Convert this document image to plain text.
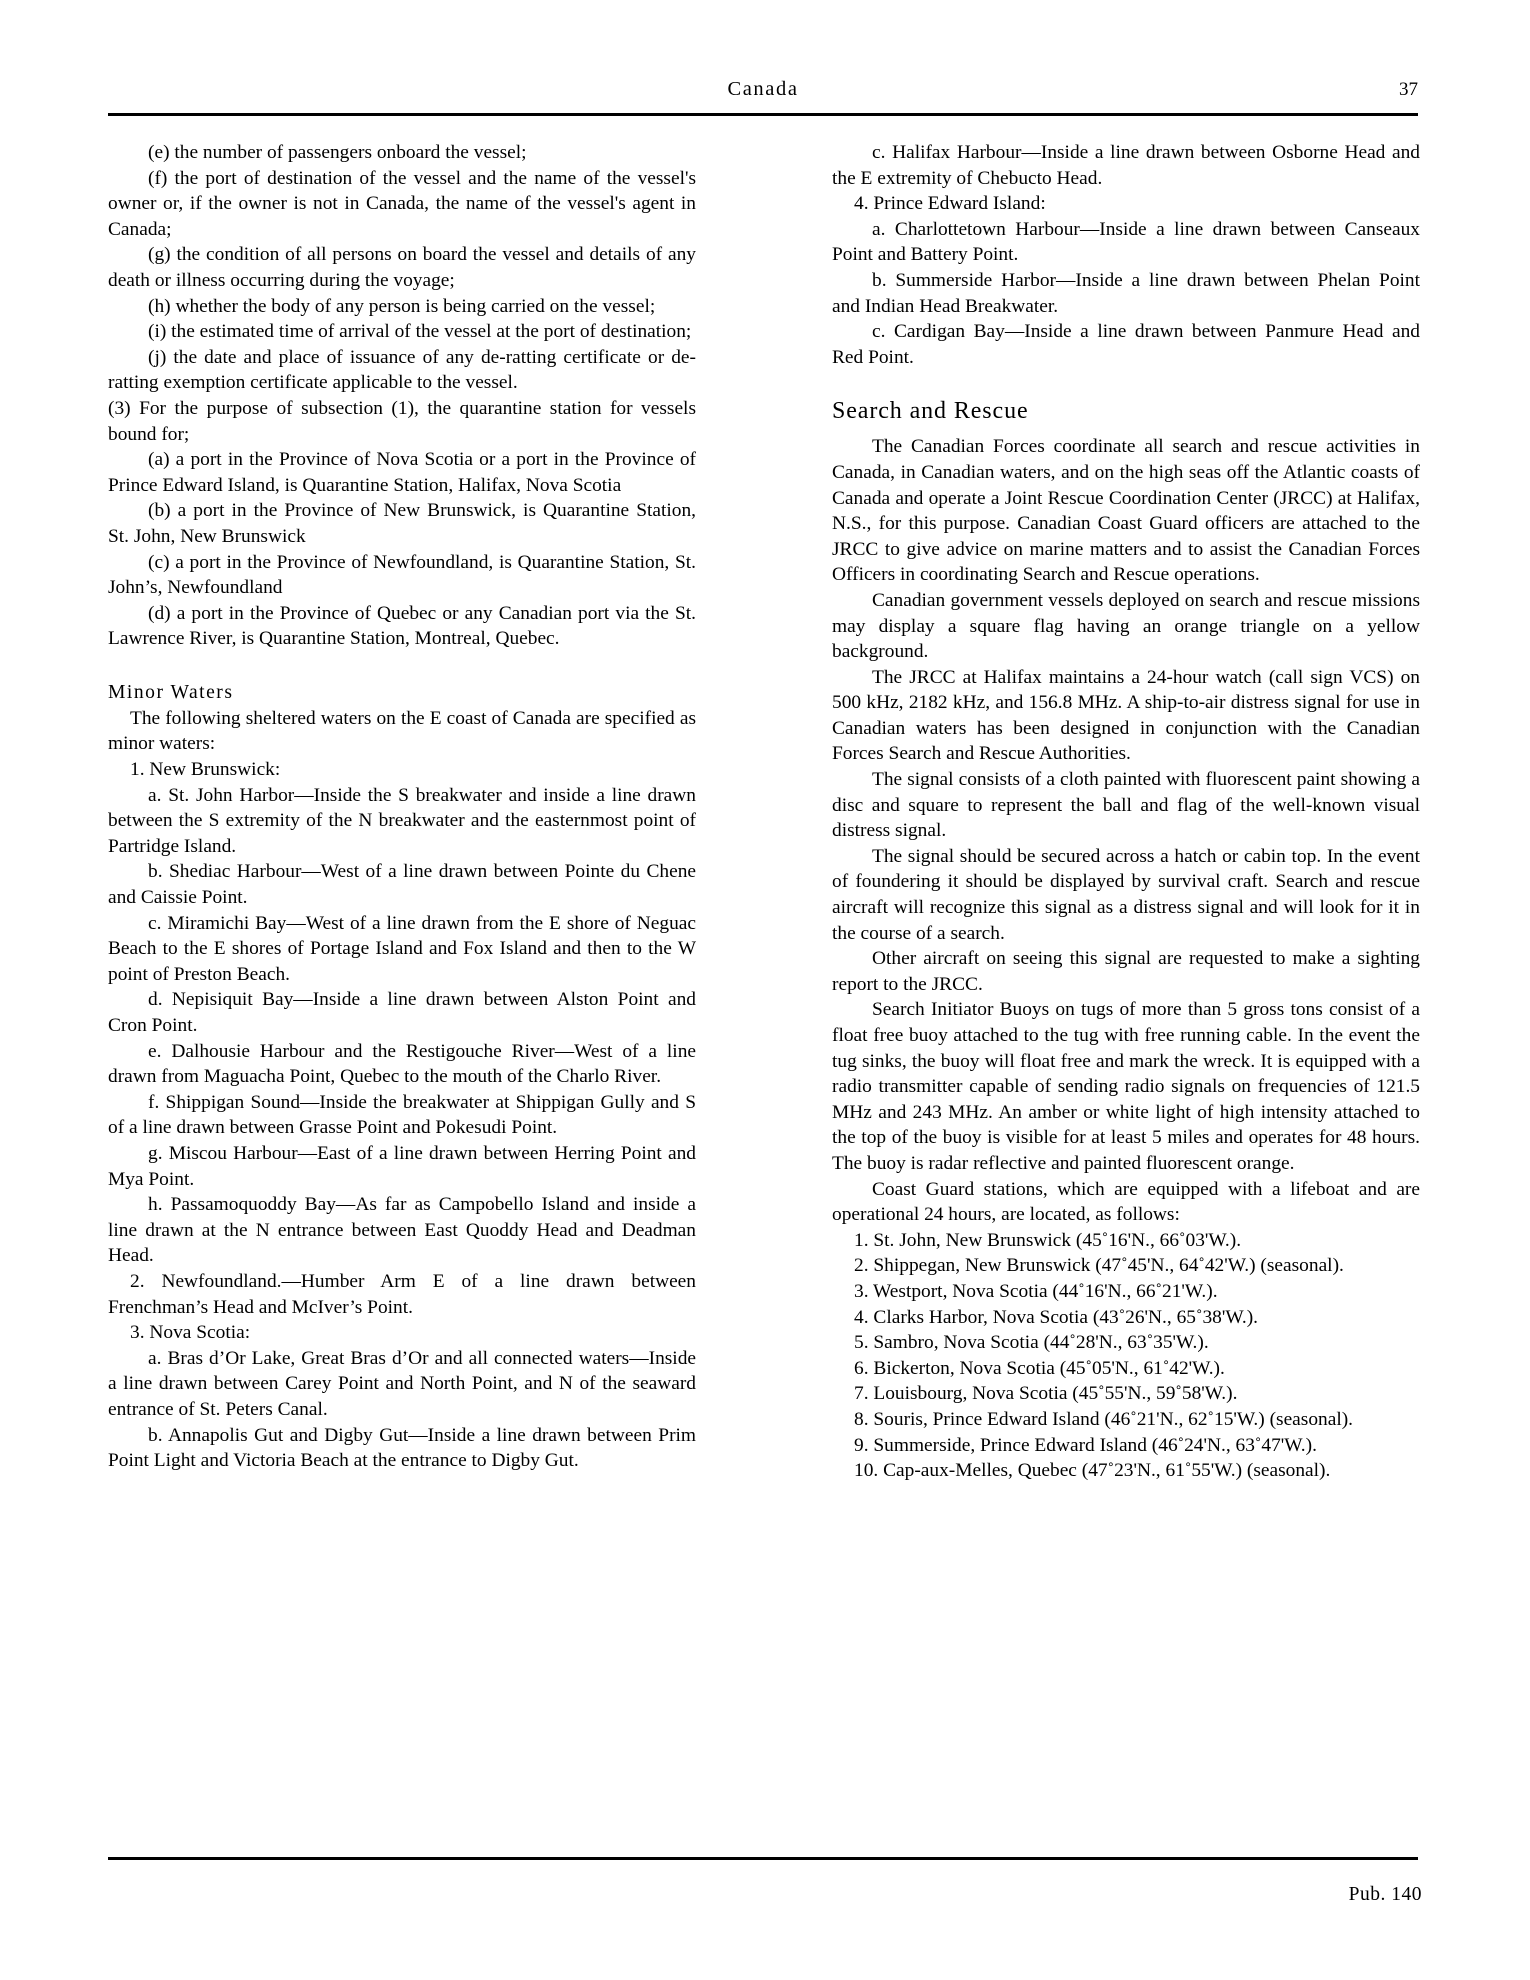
Canada	37

(e) the number of passengers onboard the vessel;

(f) the port of destination of the vessel and the name of the vessel's owner or, if the owner is not in Canada, the name of the vessel's agent in Canada;

(g) the condition of all persons on board the vessel and details of any death or illness occurring during the voyage;

(h) whether the body of any person is being carried on the vessel;

(i) the estimated time of arrival of the vessel at the port of destination;

(j) the date and place of issuance of any de-ratting certificate or de-ratting exemption certificate applicable to the vessel.

(3) For the purpose of subsection (1), the quarantine station for vessels bound for;

(a) a port in the Province of Nova Scotia or a port in the Province of Prince Edward Island, is Quarantine Station, Halifax, Nova Scotia

(b) a port in the Province of New Brunswick, is Quarantine Station, St. John, New Brunswick

(c) a port in the Province of Newfoundland, is Quarantine Station, St. John’s, Newfoundland

(d) a port in the Province of Quebec or any Canadian port via the St. Lawrence River, is Quarantine Station, Montreal, Quebec.

Minor Waters

The following sheltered waters on the E coast of Canada are specified as minor waters:

1. New Brunswick:

a. St. John Harbor—Inside the S breakwater and inside a line drawn between the S extremity of the N breakwater and the easternmost point of Partridge Island.

b. Shediac Harbour—West of a line drawn between Pointe du Chene and Caissie Point.

c. Miramichi Bay—West of a line drawn from the E shore of Neguac Beach to the E shores of Portage Island and Fox Island and then to the W point of Preston Beach.

d. Nepisiquit Bay—Inside a line drawn between Alston Point and Cron Point.

e. Dalhousie Harbour and the Restigouche River—West of a line drawn from Maguacha Point, Quebec to the mouth of the Charlo River.

f. Shippigan Sound—Inside the breakwater at Shippigan Gully and S of a line drawn between Grasse Point and Pokesudi Point.

g. Miscou Harbour—East of a line drawn between Herring Point and Mya Point.

h. Passamoquoddy Bay—As far as Campobello Island and inside a line drawn at the N entrance between East Quoddy Head and Deadman Head.

2. Newfoundland.—Humber Arm E of a line drawn between Frenchman’s Head and McIver’s Point.

3. Nova Scotia:

a. Bras d’Or Lake, Great Bras d’Or and all connected waters—Inside a line drawn between Carey Point and North Point, and N of the seaward entrance of St. Peters Canal.

b. Annapolis Gut and Digby Gut—Inside a line drawn between Prim Point Light and Victoria Beach at the entrance to Digby Gut.

c. Halifax Harbour—Inside a line drawn between Osborne Head and the E extremity of Chebucto Head.

4. Prince Edward Island:

a. Charlottetown Harbour—Inside a line drawn between Canseaux Point and Battery Point.

b. Summerside Harbor—Inside a line drawn between Phelan Point and Indian Head Breakwater.

c. Cardigan Bay—Inside a line drawn between Panmure Head and Red Point.

Search and Rescue

The Canadian Forces coordinate all search and rescue activities in Canada, in Canadian waters, and on the high seas off the Atlantic coasts of Canada and operate a Joint Rescue Coordination Center (JRCC) at Halifax, N.S., for this purpose. Canadian Coast Guard officers are attached to the JRCC to give advice on marine matters and to assist the Canadian Forces Officers in coordinating Search and Rescue operations.

Canadian government vessels deployed on search and rescue missions may display a square flag having an orange triangle on a yellow background.

The JRCC at Halifax maintains a 24-hour watch (call sign VCS) on 500 kHz, 2182 kHz, and 156.8 MHz. A ship-to-air distress signal for use in Canadian waters has been designed in conjunction with the Canadian Forces Search and Rescue Authorities.

The signal consists of a cloth painted with fluorescent paint showing a disc and square to represent the ball and flag of the well-known visual distress signal.

The signal should be secured across a hatch or cabin top. In the event of foundering it should be displayed by survival craft. Search and rescue aircraft will recognize this signal as a distress signal and will look for it in the course of a search.

Other aircraft on seeing this signal are requested to make a sighting report to the JRCC.

Search Initiator Buoys on tugs of more than 5 gross tons consist of a float free buoy attached to the tug with free running cable. In the event the tug sinks, the buoy will float free and mark the wreck. It is equipped with a radio transmitter capable of sending radio signals on frequencies of 121.5 MHz and 243 MHz. An amber or white light of high intensity attached to the top of the buoy is visible for at least 5 miles and operates for 48 hours. The buoy is radar reflective and painted fluorescent orange.

Coast Guard stations, which are equipped with a lifeboat and are operational 24 hours, are located, as follows:

1. St. John, New Brunswick (45˚16'N., 66˚03'W.).

2. Shippegan, New Brunswick (47˚45'N., 64˚42'W.) (seasonal).

3. Westport, Nova Scotia (44˚16'N., 66˚21'W.).

4. Clarks Harbor, Nova Scotia (43˚26'N., 65˚38'W.).

5. Sambro, Nova Scotia (44˚28'N., 63˚35'W.).

6. Bickerton, Nova Scotia (45˚05'N., 61˚42'W.).

7. Louisbourg, Nova Scotia (45˚55'N., 59˚58'W.).

8. Souris, Prince Edward Island (46˚21'N., 62˚15'W.) (seasonal).

9. Summerside, Prince Edward Island (46˚24'N., 63˚47'W.).

10. Cap-aux-Melles, Quebec (47˚23'N., 61˚55'W.) (seasonal).

Pub. 140
